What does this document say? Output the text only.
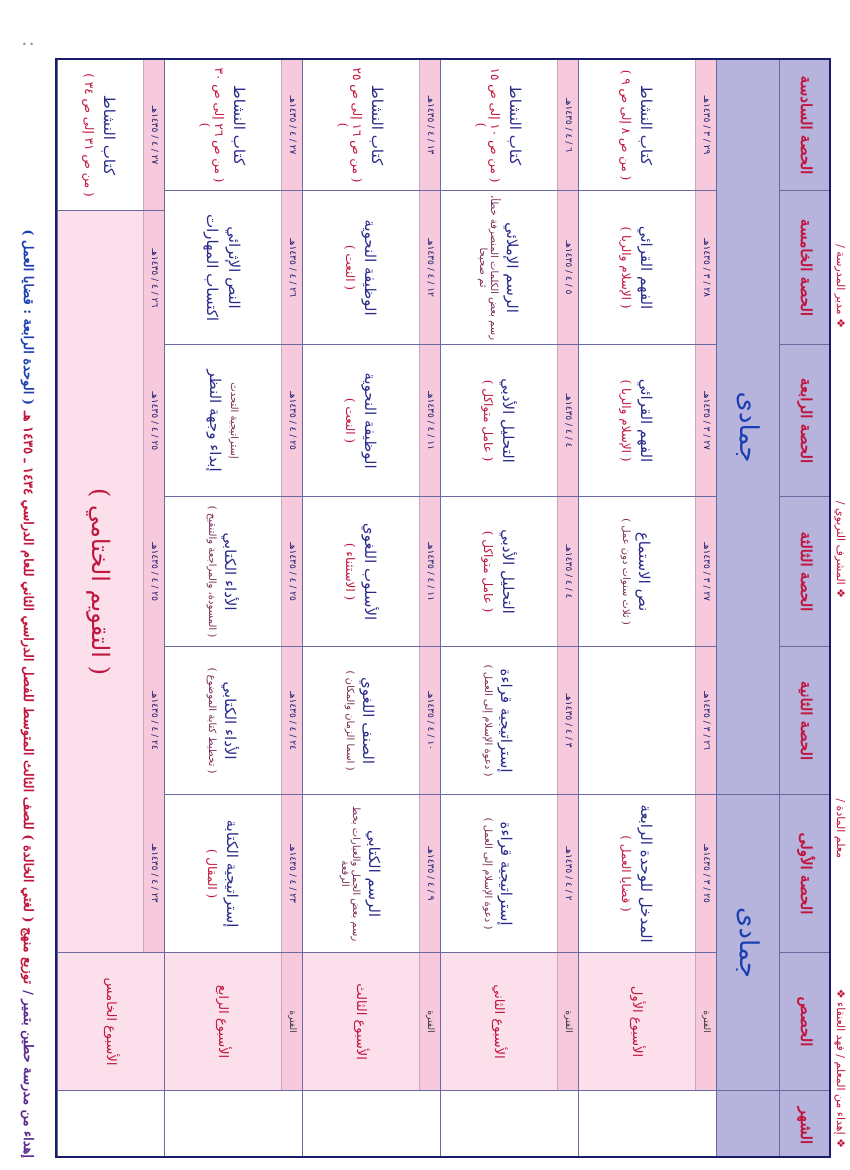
• •
إهداء من مدرسة حطين بتمير /
توزيع منهج ( لغتي الخالدة ) للصف الثالث المتوسط للفصل الدراسي الثاني للعام الدراسي ١٤٣٤ ـ ١٤٣٥ هـ
( الوحدة الرابعة : قضايا العمل )
الشهر
الحصص
الحصة الأولى
الحصة الثانية
الحصة الثالثة
الحصة الرابعة
الحصة الخامسة
الحصة السادسة
جمادى
جمادى
الفترة
الأسبوع الأول
٢٥ / ٣ / ١٤٣٥هـ
المدخل للوحدة الرابعة
( قضايا العمل )
٢٦ / ٣ / ١٤٣٥هـ
٢٧ / ٣ / ١٤٣٥هـ
نص الاستماع
( ثلاث سنوات دون عمل )
٢٧ / ٣ / ١٤٣٥هـ
الفهم القرائي
( الإسلام والربا )
٢٨ / ٣ / ١٤٣٥هـ
الفهم القرائي
( الإسلام والربا )
٢٩ / ٣ / ١٤٣٥هـ
كتاب النشاط
( من ص ٨ إلى ص ٩ )
الفترة
الأسبوع الثاني
٢ / ٤ / ١٤٣٥هـ
إستراتيجية قراءة
( دعوة الإسلام إلى العمل )
٣ / ٤ / ١٤٣٥هـ
إستراتيجية قراءة
( دعوة الإسلام إلى العمل )
٤ / ٤ / ١٤٣٥هـ
التحليل الأدبي
( عامل متواكل )
٤ / ٤ / ١٤٣٥هـ
التحليل الأدبي
( عامل متواكل )
٥ / ٤ / ١٤٣٥هـ
الرسم الإملائي
رسم بعض الكلمات المنصرفة خطأ، ثم صحيحا
٦ / ٤ / ١٤٣٥هـ
كتاب النشاط
( من ص ١٠ إلى ص ١٥ )
الفترة
الأسبوع الثالث
٩ / ٤ / ١٤٣٥هـ
الرسم الكتابي
رسم بعض الجمل والعبارات بخط الرقعة
١٠ / ٤ / ١٤٣٥هـ
الصنف اللغوي
( اسما الزمان والمكان )
١١ / ٤ / ١٤٣٥هـ
الأسلوب اللغوي
( الاستثناء )
١١ / ٤ / ١٤٣٥هـ
الوظيفة النحوية
( النعت )
١٢ / ٤ / ١٤٣٥هـ
الوظيفة النحوية
( النعت )
١٣ / ٤ / ١٤٣٥هـ
كتاب النشاط
( من ص ١٦ إلى ص ٢٥ )
الفترة
الأسبوع الرابع
٢٣ / ٤ / ١٤٣٥هـ
إستراتيجية الكتابة
( المقال )
٢٤ / ٤ / ١٤٣٥هـ
الأداء الكتابي
( تخطيط كتابة الموضوع )
٢٥ / ٤ / ١٤٣٥هـ
الأداء الكتابي
( المسودة، والمراجعة والتنقيح )
٢٥ / ٤ / ١٤٣٥هـ
إستراتيجية التحدث
إبداء وجهة النظر
٢٦ / ٤ / ١٤٣٥هـ
النص الإثرائي
اكتساب المهارات
٢٧ / ٤ / ١٤٣٥هـ
كتاب النشاط
( من ص ٢٦ إلى ص ٣٠ )
الأسبوع الخامس
٢٣ / ٤ / ١٤٣٥هـ
٢٤ / ٤ / ١٤٣٥هـ
٢٥ / ٤ / ١٤٣٥هـ
٢٥ / ٤ / ١٤٣٥هـ
٢٦ / ٤ / ١٤٣٥هـ
( التقويم الختامي )
٢٧ / ٤ / ١٤٣٥هـ
كتاب النشاط
( من ص ٣١ إلى ص ٣٤ )
❖ إهداء من المعلم / فهد العنقاء ❖
معلم المادة /
❖ المشرف التربوي /
❖ مدير المدرسة /
